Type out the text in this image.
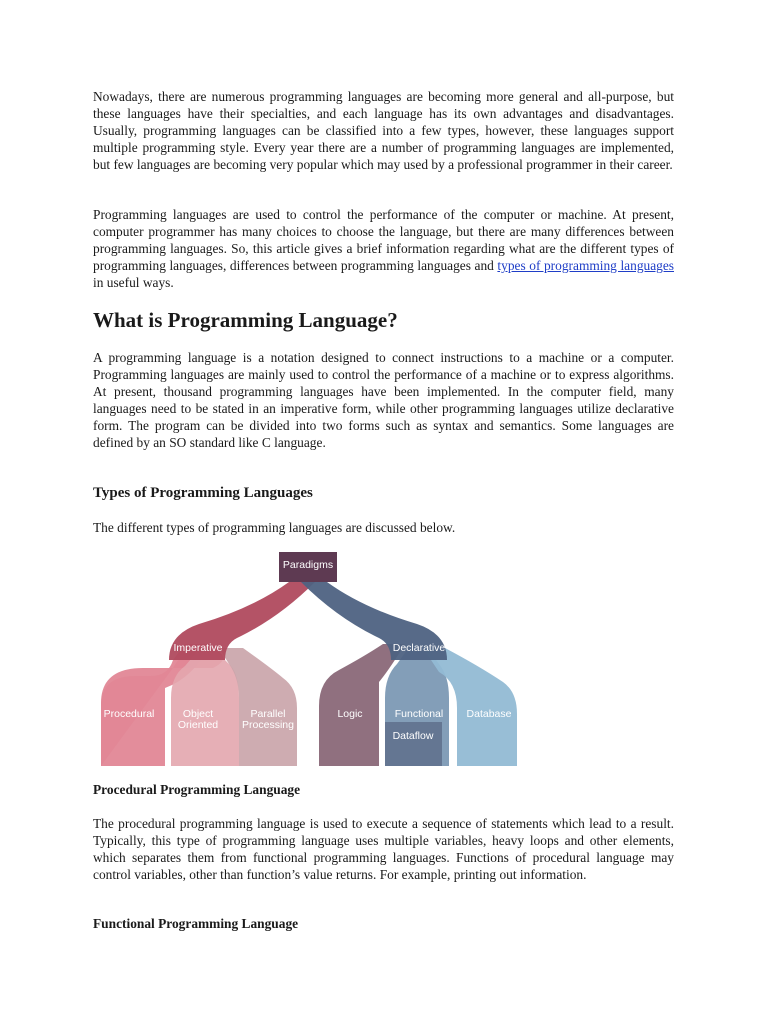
Nowadays, there are numerous programming languages are becoming more general and all-purpose, but these languages have their specialties, and each language has its own advantages and disadvantages. Usually, programming languages can be classified into a few types, however, these languages support multiple programming style. Every year there are a number of programming languages are implemented, but few languages are becoming very popular which may used by a professional programmer in their career.

Programming languages are used to control the performance of the computer or machine. At present, computer programmer has many choices to choose the language, but there are many differences between programming languages. So, this article gives a brief information regarding what are the different types of programming languages, differences between programming languages and types of programming languages in useful ways.

What is Programming Language?

A programming language is a notation designed to connect instructions to a machine or a computer. Programming languages are mainly used to control the performance of a machine or to express algorithms. At present, thousand programming languages have been implemented. In the computer field, many languages need to be stated in an imperative form, while other programming languages utilize declarative form. The program can be divided into two forms such as syntax and semantics. Some languages are defined by an SO standard like C language.

Types of Programming Languages

The different types of programming languages are discussed below.

Paradigms
Imperative	Declarative
Procedural	Object
Oriented
Parallel
Processing
Logic	Functional Database
Dataflow
Procedural Programming Language

The procedural programming language is used to execute a sequence of statements which lead to a result. Typically, this type of programming language uses multiple variables, heavy loops and other elements, which separates them from functional programming languages. Functions of procedural language may control variables, other than function’s value returns. For example, printing out information.

Functional Programming Language
